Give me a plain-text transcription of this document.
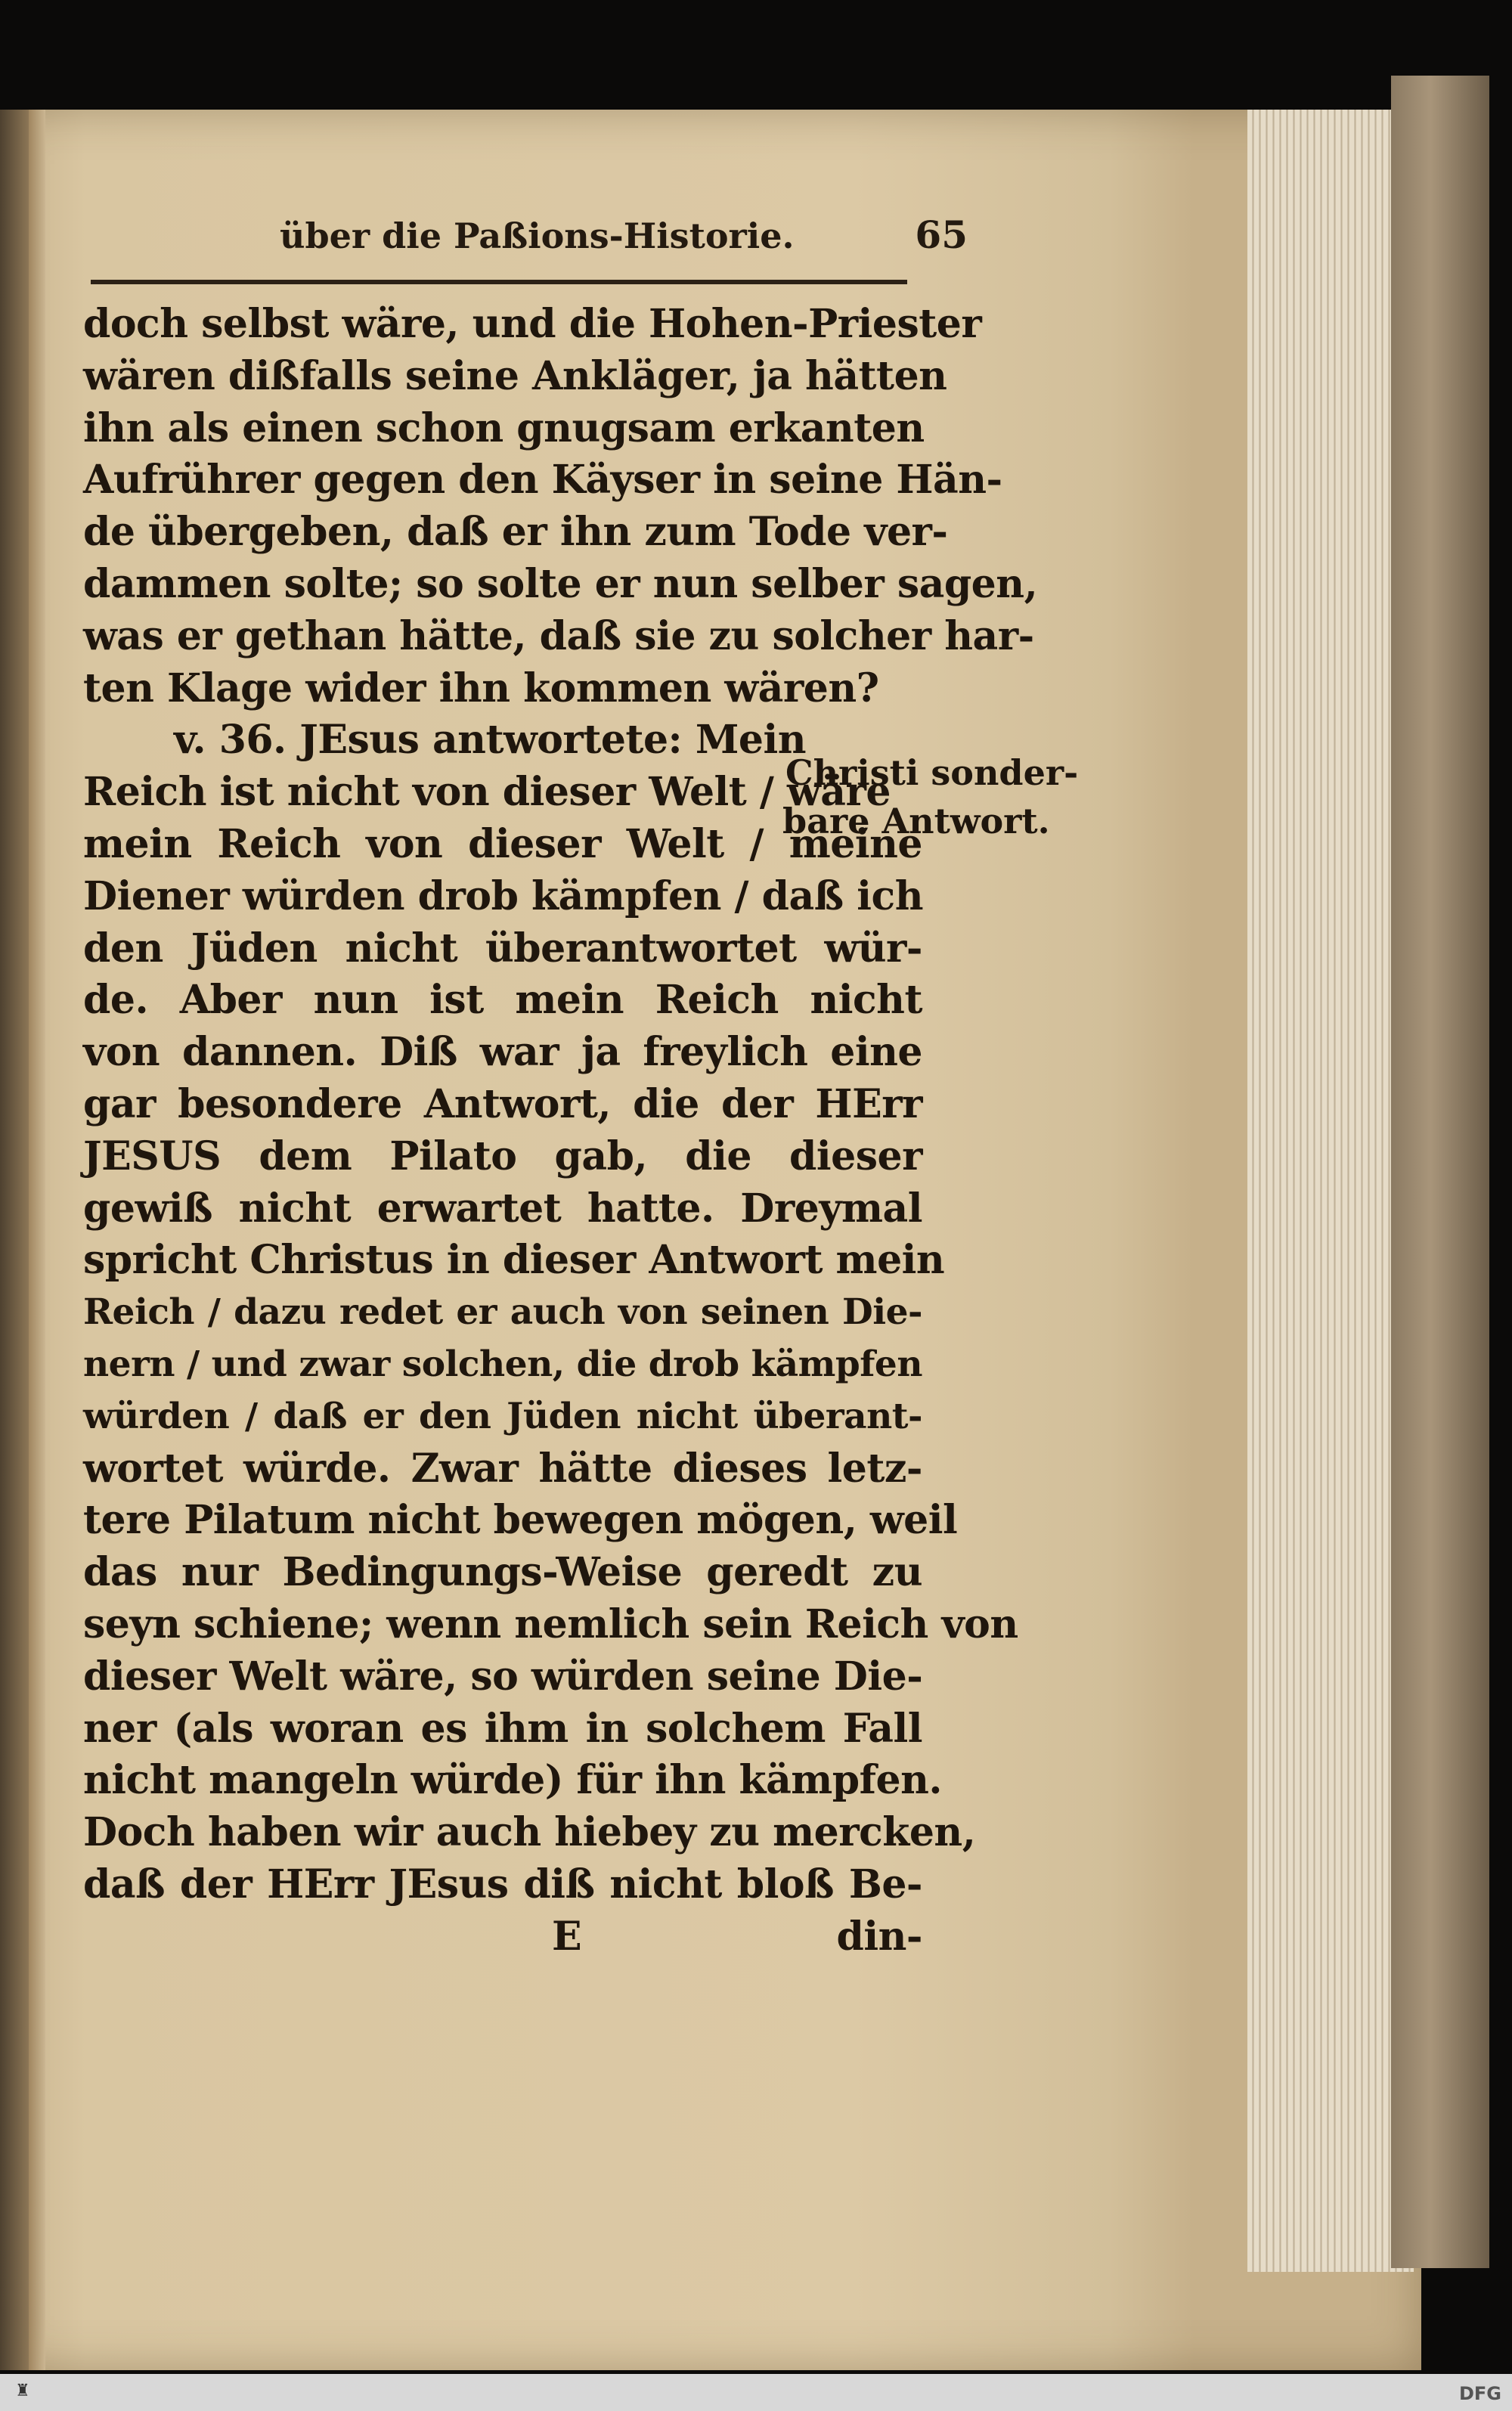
über die Paßions-Historie.	65
doch selbst wäre, und die Hohen-Priester
wären dißfalls seine Ankläger, ja hätten
ihn als einen schon gnugsam erkanten
Aufrührer gegen den Käyser in seine Hän-
de übergeben, daß er ihn zum Tode ver-
dammen solte; so solte er nun selber sagen,
was er gethan hätte, daß sie zu solcher har-
ten Klage wider ihn kommen wären?
v. 36. JEsus antwortete: Mein
Reich ist nicht von dieser Welt / wäre
mein Reich von dieser Welt / meine
Diener würden drob kämpfen / daß ich
den Jüden nicht überantwortet wür-
de. Aber nun ist mein Reich nicht
von dannen. Diß war ja freylich eine
gar besondere Antwort, die der HErr
JESUS dem Pilato gab, die dieser
gewiß nicht erwartet hatte. Dreymal
spricht Christus in dieser Antwort mein
Reich / dazu redet er auch von seinen Die-
nern / und zwar solchen, die drob kämpfen
würden / daß er den Jüden nicht überant-
wortet würde. Zwar hätte dieses letz-
tere Pilatum nicht bewegen mögen, weil
das nur Bedingungs-Weise geredt zu
seyn schiene; wenn nemlich sein Reich von
dieser Welt wäre, so würden seine Die-
ner (als woran es ihm in solchem Fall
nicht mangeln würde) für ihn kämpfen.
Doch haben wir auch hiebey zu mercken,
daß der HErr JEsus diß nicht bloß Be-
E	din-
Christi sonder-
bare Antwort.
♜	DFG
